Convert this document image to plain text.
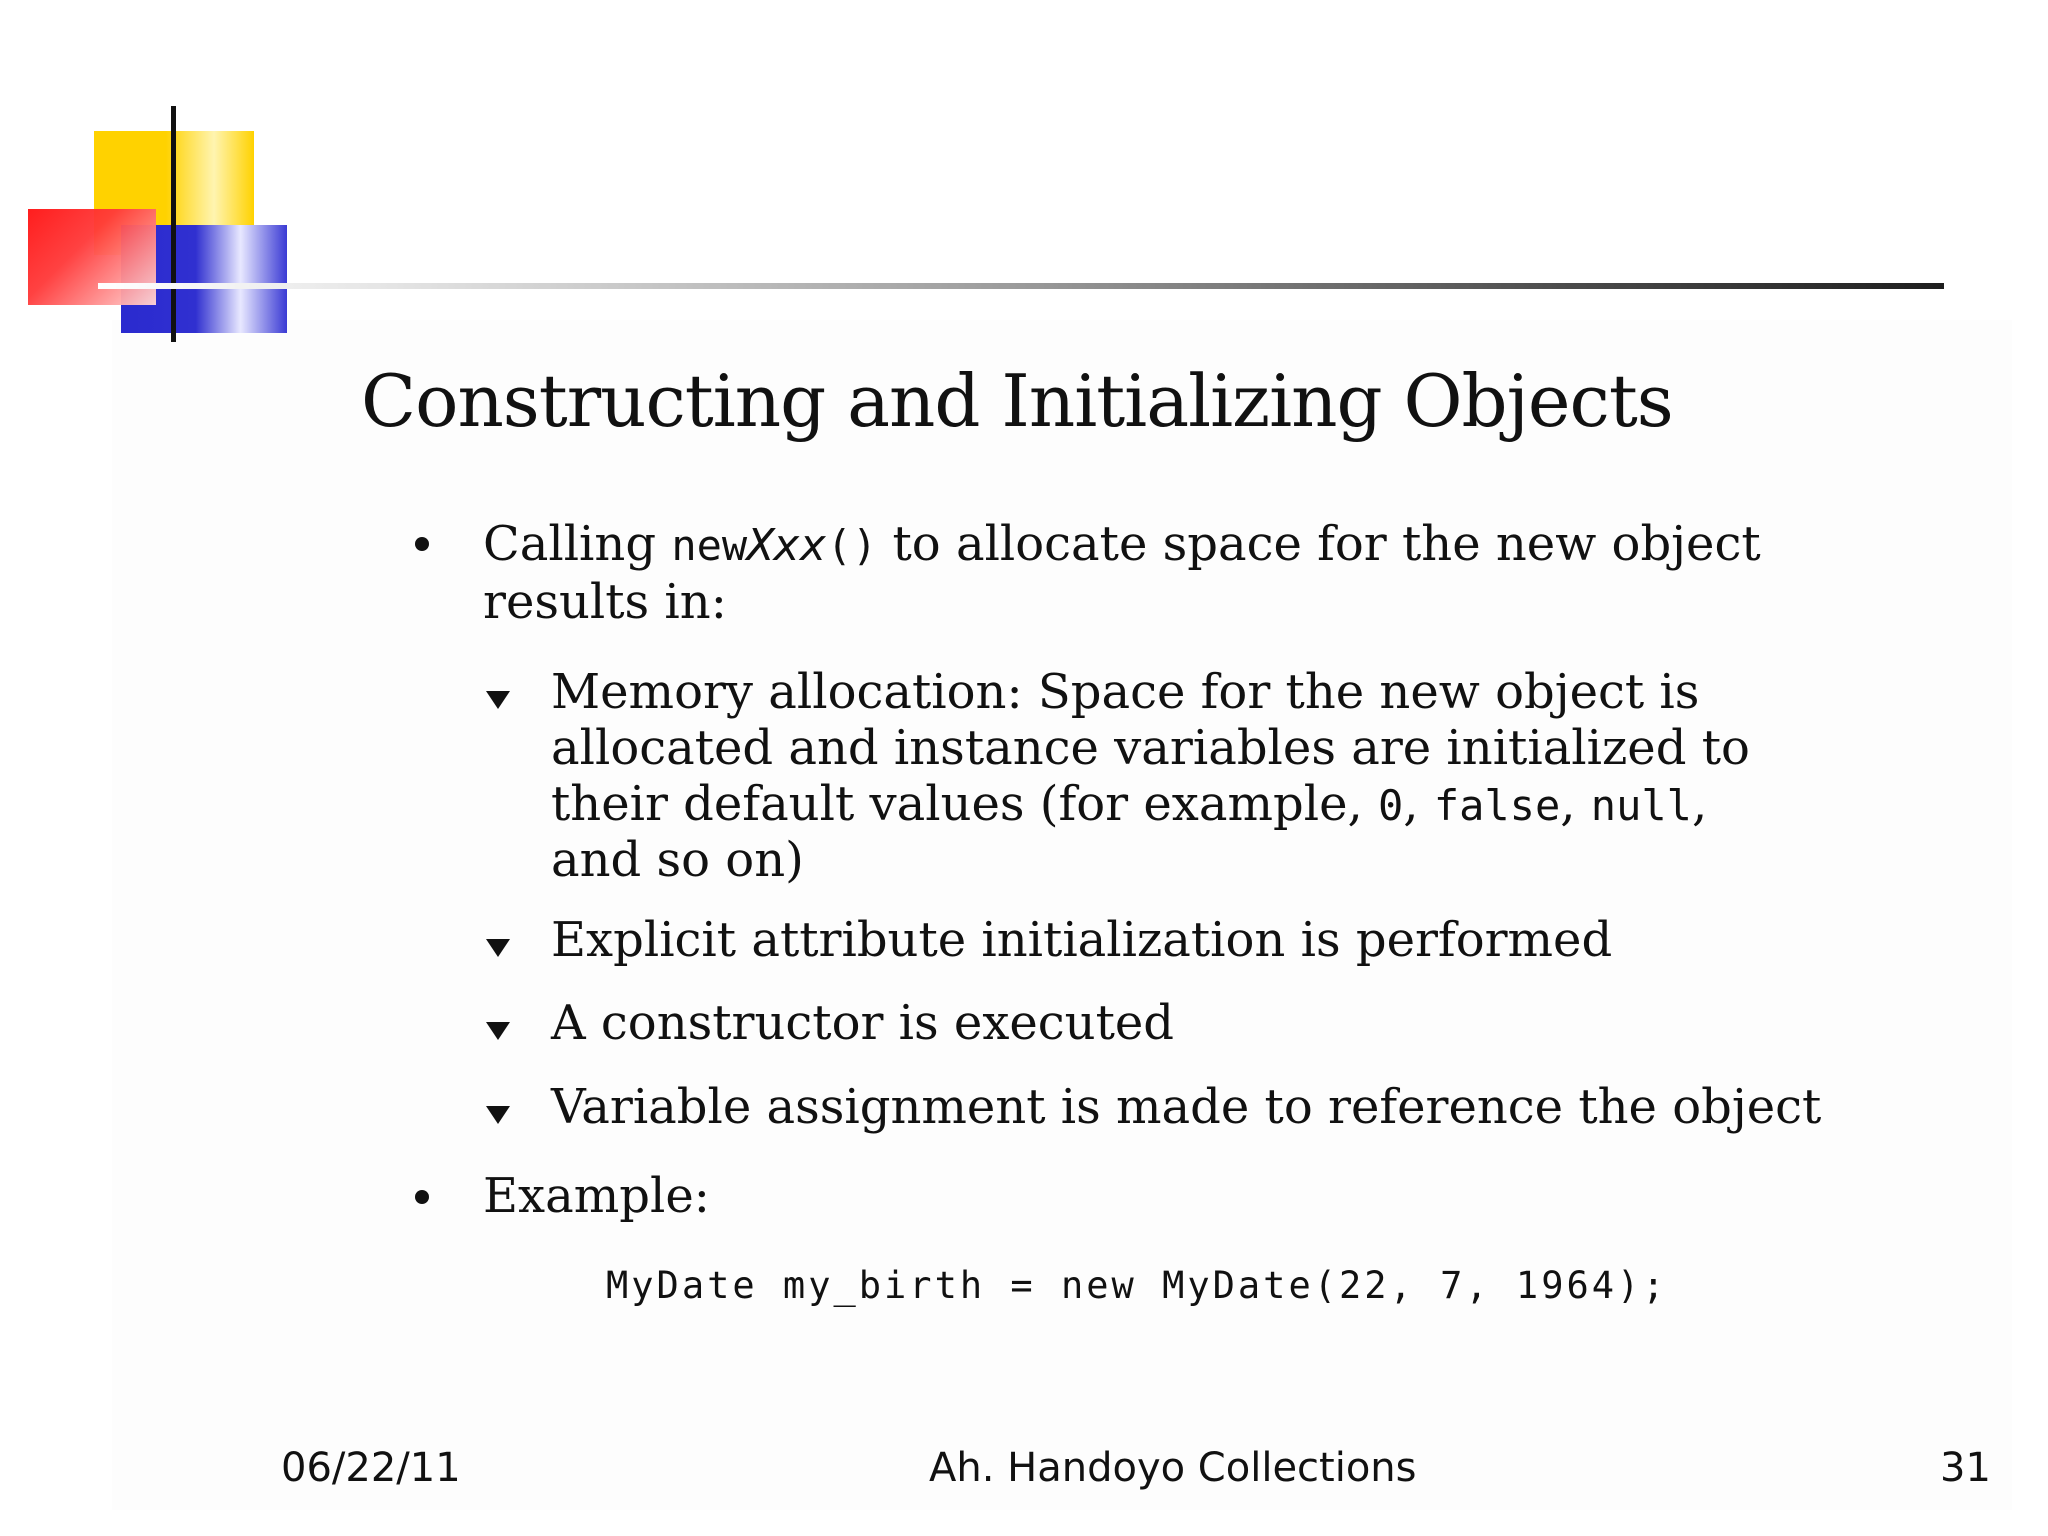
Constructing and Initializing Objects
Calling newXxx() to allocate space for the new object
results in:
Memory allocation: Space for the new object is
allocated and instance variables are initialized to
their default values (for example, 0, false, null,
and so on)
Explicit attribute initialization is performed
A constructor is executed
Variable assignment is made to reference the object
Example:
MyDate my_birth = new MyDate(22, 7, 1964);
06/22/11	Ah. Handoyo Collections	31
